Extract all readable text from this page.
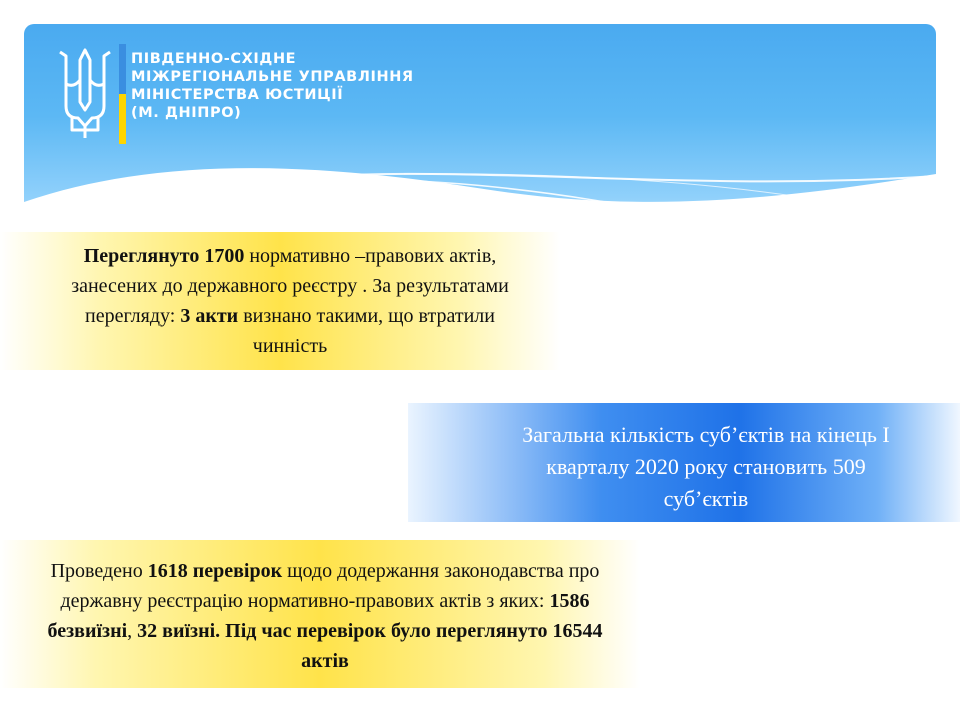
ПІВДЕННО-СХІДНЕ
МІЖРЕГІОНАЛЬНЕ УПРАВЛІННЯ
МІНІСТЕРСТВА ЮСТИЦІЇ
(М. ДНІПРО)

Переглянуто 1700 нормативно –правових актів, занесених до державного реєстру . За результатами перегляду: 3 акти визнано такими, що втратили чинність

Загальна кількість суб’єктів на кінець І кварталу 2020 року становить 509 суб’єктів

Проведено 1618 перевірок щодо додержання законодавства про державну реєстрацію нормативно-правових актів з яких: 1586 безвиїзні, 32 виїзні. Під час перевірок було переглянуто 16544 актів
